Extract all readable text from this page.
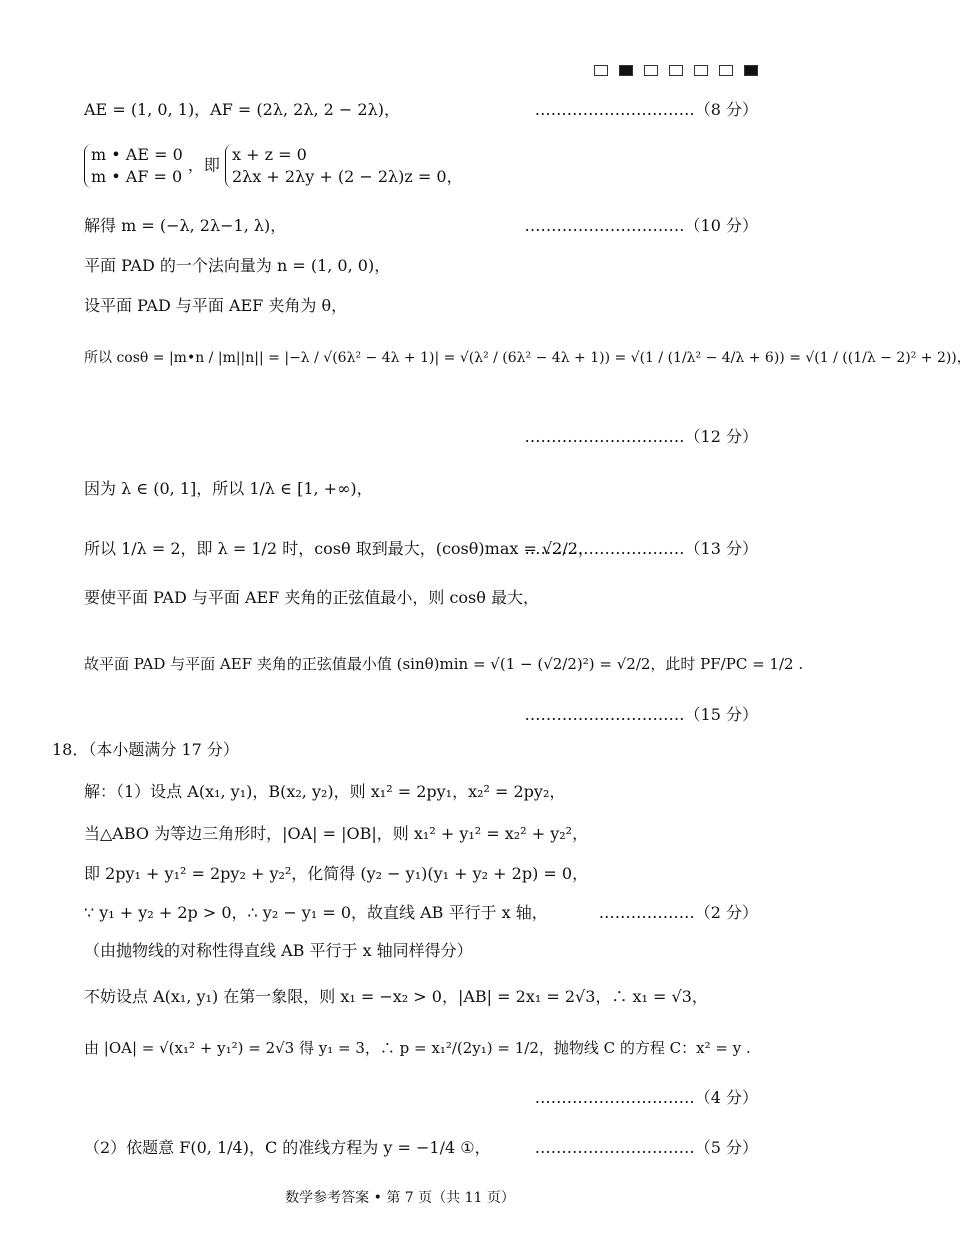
AE = (1, 0, 1)，AF = (2λ, 2λ, 2 − 2λ)，	…………………………（8 分）
m • AE = 0
m • AF = 0
，即
x + z = 0
2λx + 2λy + (2 − 2λ)z = 0，
解得 m = (−λ, 2λ−1, λ)，	…………………………（10 分）
平面 PAD 的一个法向量为 n = (1, 0, 0)，
设平面 PAD 与平面 AEF 夹角为 θ，
所以 cosθ = |m•n / |m||n|| = |−λ / √(6λ² − 4λ + 1)| = √(λ² / (6λ² − 4λ + 1)) = √(1 / (1/λ² − 4/λ + 6)) = √(1 / ((1/λ − 2)² + 2))，
…………………………（12 分）
因为 λ ∈ (0, 1]，所以 1/λ ∈ [1, +∞)，
所以 1/λ = 2，即 λ = 1/2 时，cosθ 取到最大，(cosθ)max = √2/2，
…………………………（13 分）
要使平面 PAD 与平面 AEF 夹角的正弦值最小，则 cosθ 最大，
故平面 PAD 与平面 AEF 夹角的正弦值最小值 (sinθ)min = √(1 − (√2/2)²) = √2/2，此时 PF/PC = 1/2 .
…………………………（15 分）
18．（本小题满分 17 分）
解：（1）设点 A(x₁, y₁)，B(x₂, y₂)，则 x₁² = 2py₁，x₂² = 2py₂，
当△ABO 为等边三角形时，|OA| = |OB|，则 x₁² + y₁² = x₂² + y₂²，
即 2py₁ + y₁² = 2py₂ + y₂²，化简得 (y₂ − y₁)(y₁ + y₂ + 2p) = 0，
∵ y₁ + y₂ + 2p > 0，∴ y₂ − y₁ = 0，故直线 AB 平行于 x 轴，	………………（2 分）
（由抛物线的对称性得直线 AB 平行于 x 轴同样得分）
不妨设点 A(x₁, y₁) 在第一象限，则 x₁ = −x₂ > 0，|AB| = 2x₁ = 2√3，∴ x₁ = √3，
由 |OA| = √(x₁² + y₁²) = 2√3 得 y₁ = 3，∴ p = x₁²/(2y₁) = 1/2，抛物线 C 的方程 C：x² = y .
…………………………（4 分）
（2）依题意 F(0, 1/4)，C 的准线方程为 y = −1/4 ①，	…………………………（5 分）
数学参考答案 • 第 7 页（共 11 页）
